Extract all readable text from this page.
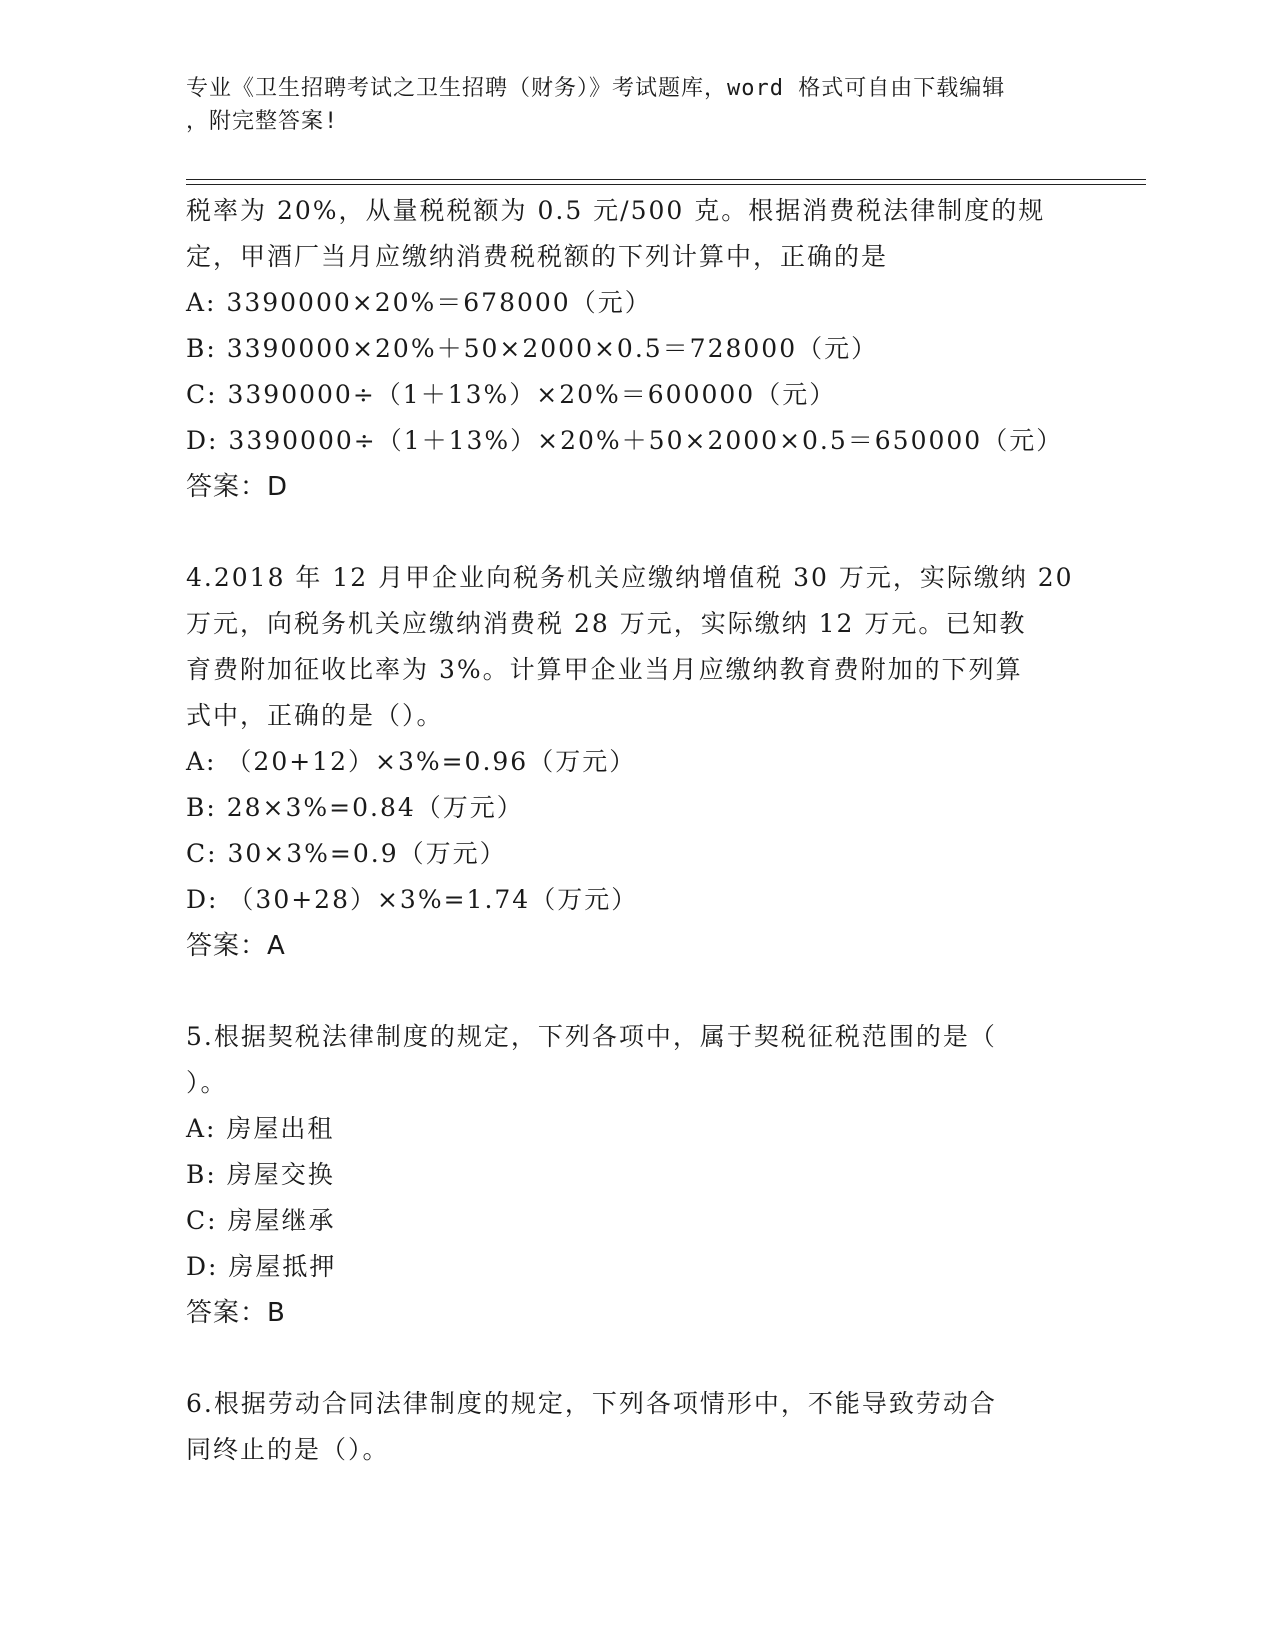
专业《卫生招聘考试之卫生招聘（财务）》考试题库，word 格式可自由下载编辑
，附完整答案!
税率为 20%，从量税税额为 0.5 元/500 克。根据消费税法律制度的规
定，甲酒厂当月应缴纳消费税税额的下列计算中，正确的是
A: 3390000×20%＝678000（元）
B: 3390000×20%＋50×2000×0.5＝728000（元）
C: 3390000÷（1＋13%）×20%＝600000（元）
D: 3390000÷（1＋13%）×20%＋50×2000×0.5＝650000（元）
答案：D
4.2018 年 12 月甲企业向税务机关应缴纳增值税 30 万元，实际缴纳 20
万元，向税务机关应缴纳消费税 28 万元，实际缴纳 12 万元。已知教
育费附加征收比率为 3%。计算甲企业当月应缴纳教育费附加的下列算
式中，正确的是（）。
A: （20+12）×3%=0.96（万元）
B: 28×3%=0.84（万元）
C: 30×3%=0.9（万元）
D: （30+28）×3%=1.74（万元）
答案：A
5.根据契税法律制度的规定，下列各项中，属于契税征税范围的是（
）。
A: 房屋出租
B: 房屋交换
C: 房屋继承
D: 房屋抵押
答案：B
6.根据劳动合同法律制度的规定，下列各项情形中，不能导致劳动合
同终止的是（）。
